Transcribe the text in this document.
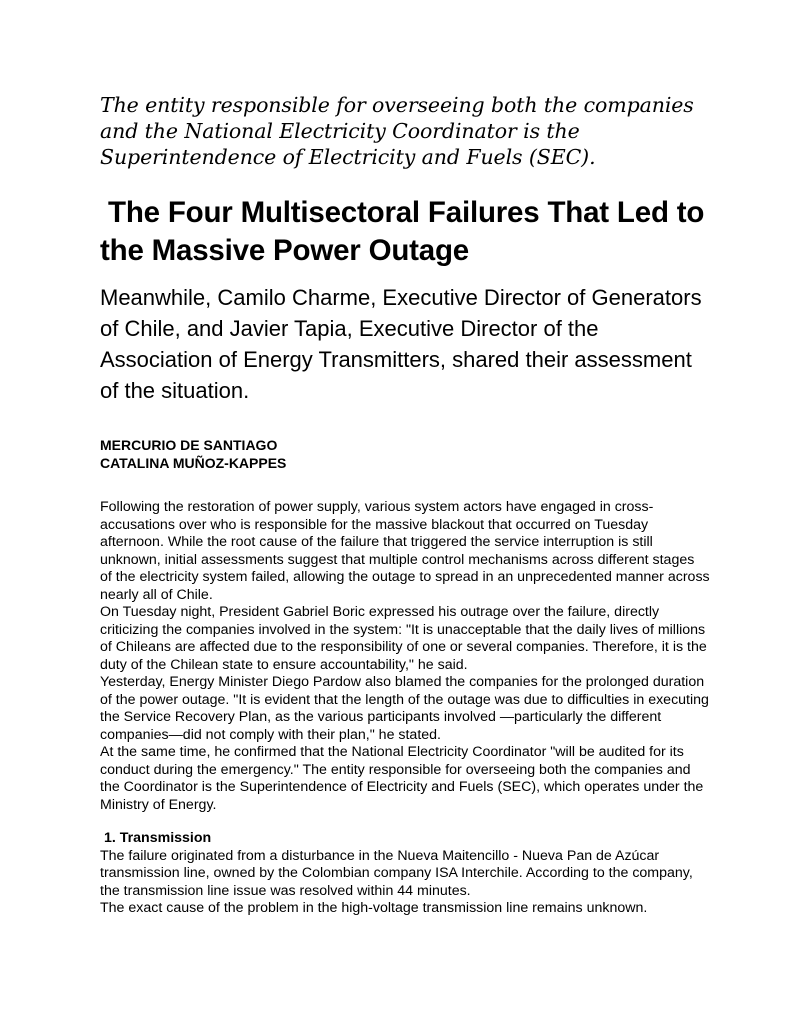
The entity responsible for overseeing both the companies and the National Electricity Coordinator is the Superintendence of Electricity and Fuels (SEC).

The Four Multisectoral Failures That Led to the Massive Power Outage

Meanwhile, Camilo Charme, Executive Director of Generators of Chile, and Javier Tapia, Executive Director of the Association of Energy Transmitters, shared their assessment of the situation.

MERCURIO DE SANTIAGO
CATALINA MUÑOZ-KAPPES

Following the restoration of power supply, various system actors have engaged in cross-accusations over who is responsible for the massive blackout that occurred on Tuesday afternoon. While the root cause of the failure that triggered the service interruption is still unknown, initial assessments suggest that multiple control mechanisms across different stages of the electricity system failed, allowing the outage to spread in an unprecedented manner across nearly all of Chile.

On Tuesday night, President Gabriel Boric expressed his outrage over the failure, directly criticizing the companies involved in the system: "It is unacceptable that the daily lives of millions of Chileans are affected due to the responsibility of one or several companies. Therefore, it is the duty of the Chilean state to ensure accountability," he said.

Yesterday, Energy Minister Diego Pardow also blamed the companies for the prolonged duration of the power outage. "It is evident that the length of the outage was due to difficulties in executing the Service Recovery Plan, as the various participants involved —particularly the different companies—did not comply with their plan," he stated.

At the same time, he confirmed that the National Electricity Coordinator "will be audited for its conduct during the emergency." The entity responsible for overseeing both the companies and the Coordinator is the Superintendence of Electricity and Fuels (SEC), which operates under the Ministry of Energy.

1. Transmission

The failure originated from a disturbance in the Nueva Maitencillo - Nueva Pan de Azúcar transmission line, owned by the Colombian company ISA Interchile. According to the company, the transmission line issue was resolved within 44 minutes.

The exact cause of the problem in the high-voltage transmission line remains unknown.
